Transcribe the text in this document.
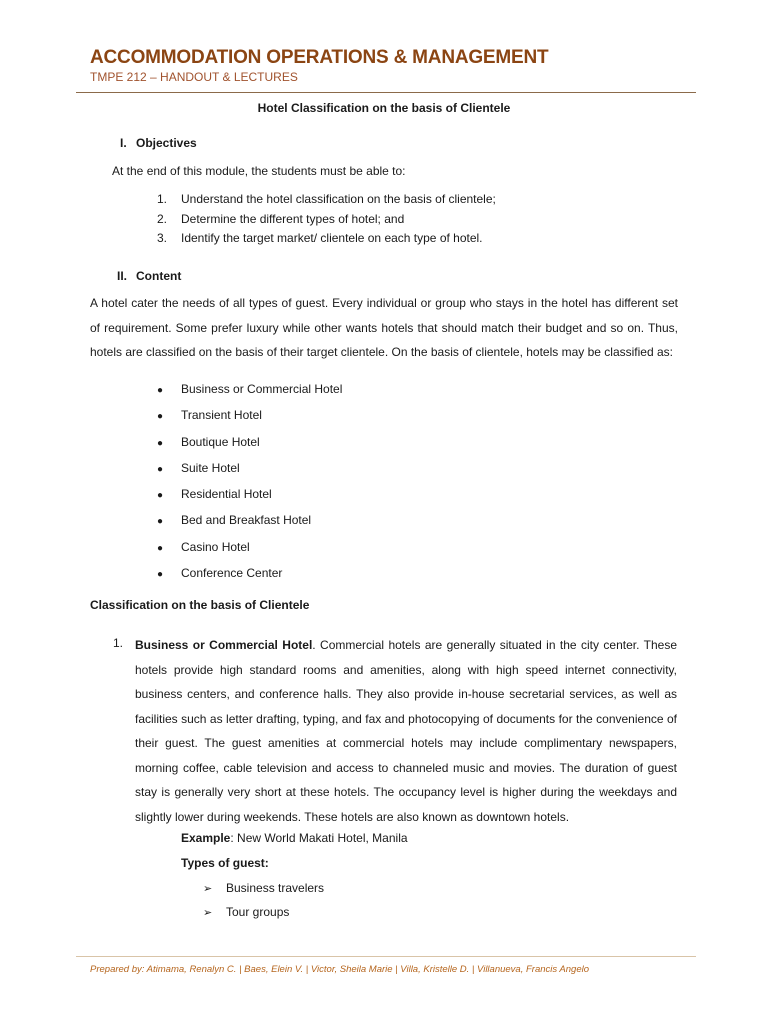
ACCOMMODATION OPERATIONS & MANAGEMENT

TMPE 212 – HANDOUT & LECTURES

Hotel Classification on the basis of Clientele
I. Objectives
At the end of this module, the students must be able to:
1. Understand the hotel classification on the basis of clientele;
2. Determine the different types of hotel; and
3. Identify the target market/ clientele on each type of hotel.
II. Content

A hotel cater the needs of all types of guest. Every individual or group who stays in the hotel has different set of requirement. Some prefer luxury while other wants hotels that should match their budget and so on. Thus, hotels are classified on the basis of their target clientele. On the basis of clientele, hotels may be classified as:

● Business or Commercial Hotel
● Transient Hotel
● Boutique Hotel
● Suite Hotel
● Residential Hotel
● Bed and Breakfast Hotel
● Casino Hotel
● Conference Center
Classification on the basis of Clientele
1. Business or Commercial Hotel. Commercial hotels are generally situated in the city center. These hotels provide high standard rooms and amenities, along with high speed internet connectivity, business centers, and conference halls. They also provide in-house secretarial services, as well as facilities such as letter drafting, typing, and fax and photocopying of documents for the convenience of their guest. The guest amenities at commercial hotels may include complimentary newspapers, morning coffee, cable television and access to channeled music and movies. The duration of guest stay is generally very short at these hotels. The occupancy level is higher during the weekdays and slightly lower during weekends. These hotels are also known as downtown hotels.

Example: New World Makati Hotel, Manila
Types of guest:
➢ Business travelers
➢ Tour groups

Prepared by: Atimama, Renalyn C. | Baes, Elein V. | Victor, Sheila Marie | Villa, Kristelle D. | Villanueva, Francis Angelo
